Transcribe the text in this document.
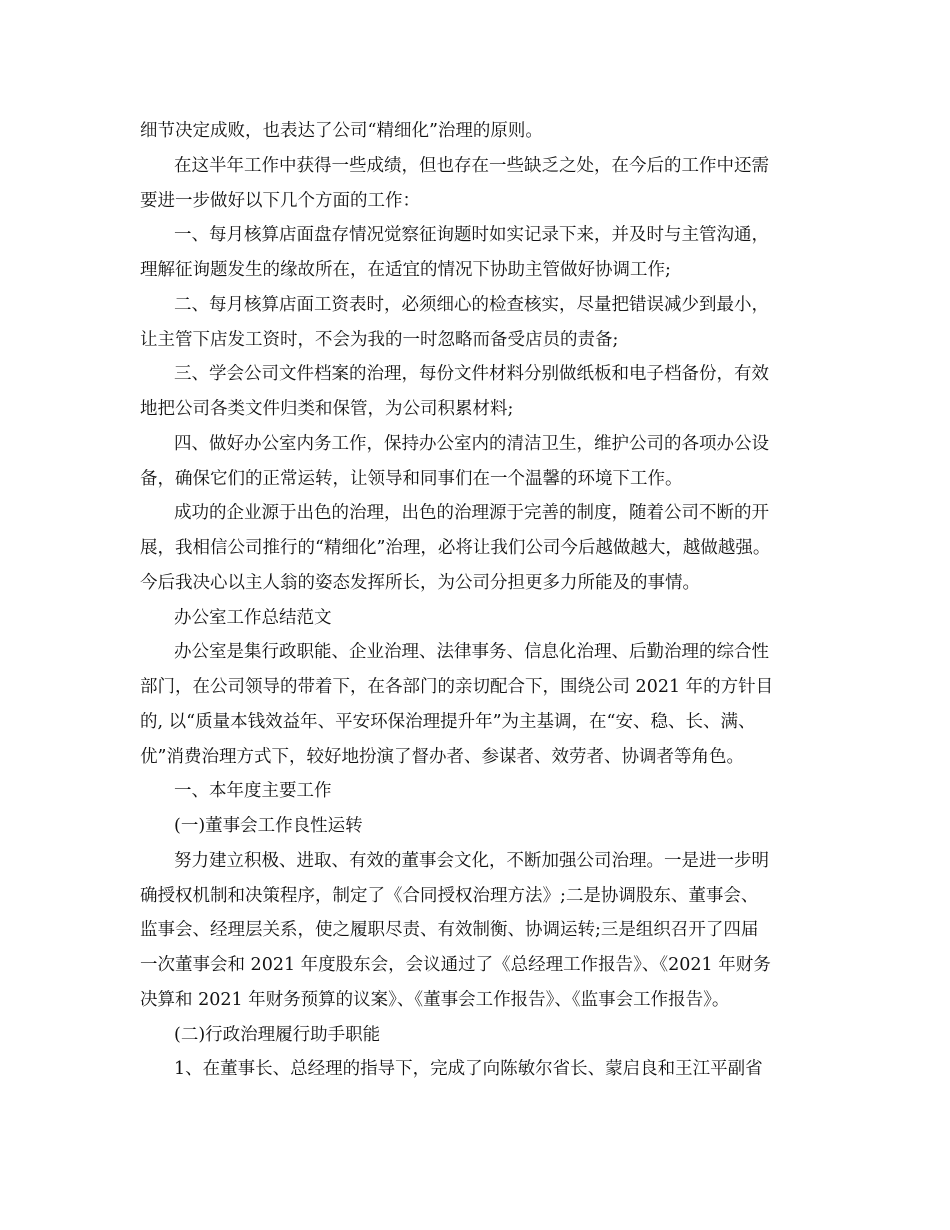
细节决定成败，也表达了公司“精细化”治理的原则。
在这半年工作中获得一些成绩，但也存在一些缺乏之处，在今后的工作中还需
要进一步做好以下几个方面的工作：
一、每月核算店面盘存情况觉察征询题时如实记录下来，并及时与主管沟通，
理解征询题发生的缘故所在，在适宜的情况下协助主管做好协调工作;
二、每月核算店面工资表时，必须细心的检查核实，尽量把错误减少到最小，
让主管下店发工资时，不会为我的一时忽略而备受店员的责备;
三、学会公司文件档案的治理，每份文件材料分别做纸板和电子档备份，有效
地把公司各类文件归类和保管，为公司积累材料;
四、做好办公室内务工作，保持办公室内的清洁卫生，维护公司的各项办公设
备，确保它们的正常运转，让领导和同事们在一个温馨的环境下工作。
成功的企业源于出色的治理，出色的治理源于完善的制度，随着公司不断的开
展，我相信公司推行的“精细化”治理，必将让我们公司今后越做越大，越做越强。
今后我决心以主人翁的姿态发挥所长，为公司分担更多力所能及的事情。
办公室工作总结范文
办公室是集行政职能、企业治理、法律事务、信息化治理、后勤治理的综合性
部门，在公司领导的带着下，在各部门的亲切配合下，围绕公司 2021 年的方针目
的, 以“质量本钱效益年、平安环保治理提升年”为主基调，在“安、稳、长、满、
优”消费治理方式下，较好地扮演了督办者、参谋者、效劳者、协调者等角色。
一、本年度主要工作
(一)董事会工作良性运转
努力建立积极、进取、有效的董事会文化，不断加强公司治理。一是进一步明
确授权机制和决策程序，制定了《合同授权治理方法》;二是协调股东、董事会、
监事会、经理层关系，使之履职尽责、有效制衡、协调运转;三是组织召开了四届
一次董事会和 2021 年度股东会，会议通过了《总经理工作报告》、《2021 年财务
决算和 2021 年财务预算的议案》、《董事会工作报告》、《监事会工作报告》。
(二)行政治理履行助手职能
1、在董事长、总经理的指导下，完成了向陈敏尔省长、蒙启良和王江平副省
